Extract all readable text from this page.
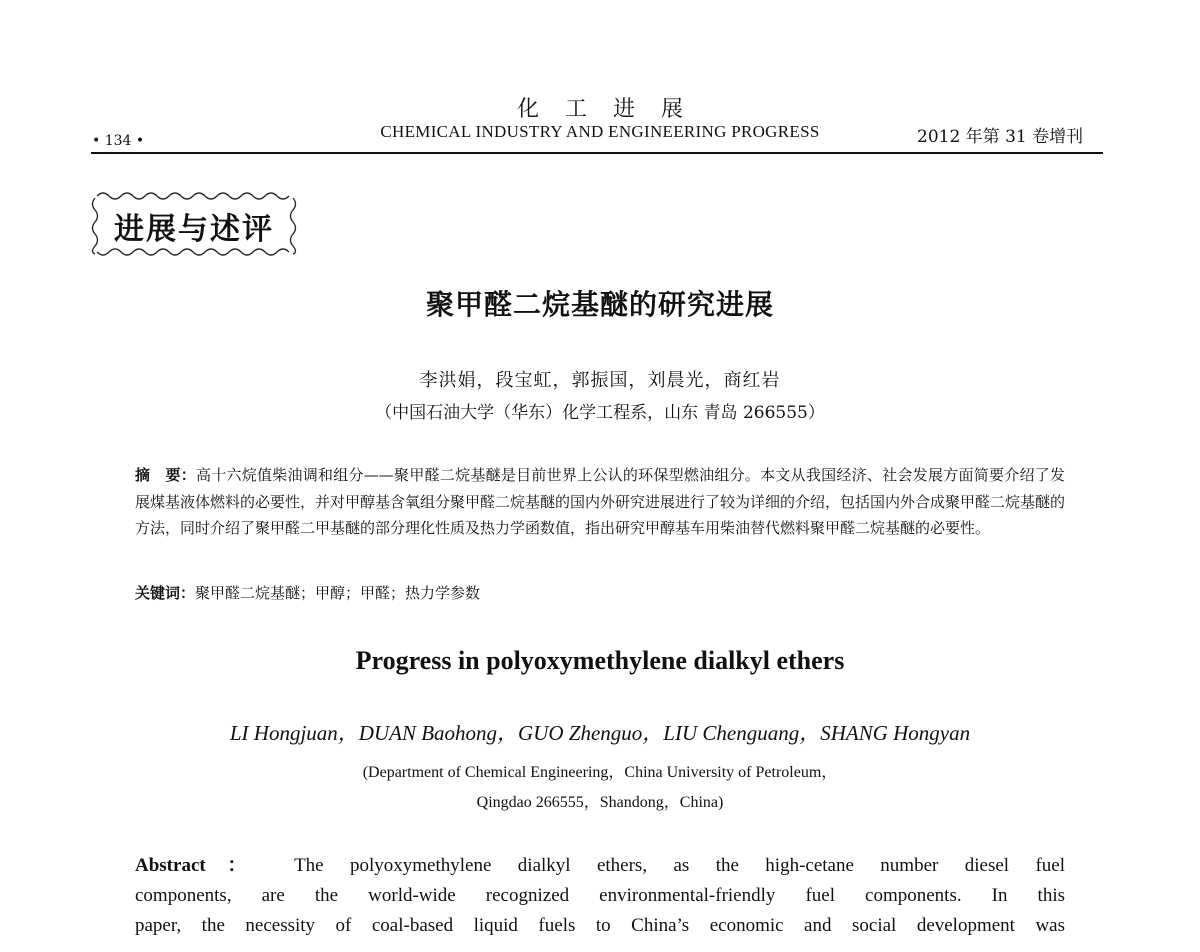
化工进展
• 134 •	CHEMICAL INDUSTRY AND ENGINEERING PROGRESS	2012 年第 31 卷增刊
进展与述评
聚甲醛二烷基醚的研究进展
李洪娟，段宝虹，郭振国，刘晨光，商红岩
（中国石油大学（华东）化学工程系，山东 青岛 266555）
摘　要：高十六烷值柴油调和组分——聚甲醛二烷基醚是目前世界上公认的环保型燃油组分。本文从我国经济、社会发展方面简要介绍了发展煤基液体燃料的必要性，并对甲醇基含氧组分聚甲醛二烷基醚的国内外研究进展进行了较为详细的介绍，包括国内外合成聚甲醛二烷基醚的方法，同时介绍了聚甲醛二甲基醚的部分理化性质及热力学函数值，指出研究甲醇基车用柴油替代燃料聚甲醛二烷基醚的必要性。
关键词：聚甲醛二烷基醚；甲醇；甲醛；热力学参数
Progress in polyoxymethylene dialkyl ethers
LI Hongjuan，DUAN Baohong，GUO Zhenguo，LIU Chenguang，SHANG Hongyan
(Department of Chemical Engineering，China University of Petroleum，
Qingdao 266555，Shandong，China)
Abstract： The polyoxymethylene dialkyl ethers, as the high-cetane number diesel fuel
components, are the world-wide recognized environmental-friendly fuel components. In this
paper, the necessity of coal-based liquid fuels to China’s economic and social development was
